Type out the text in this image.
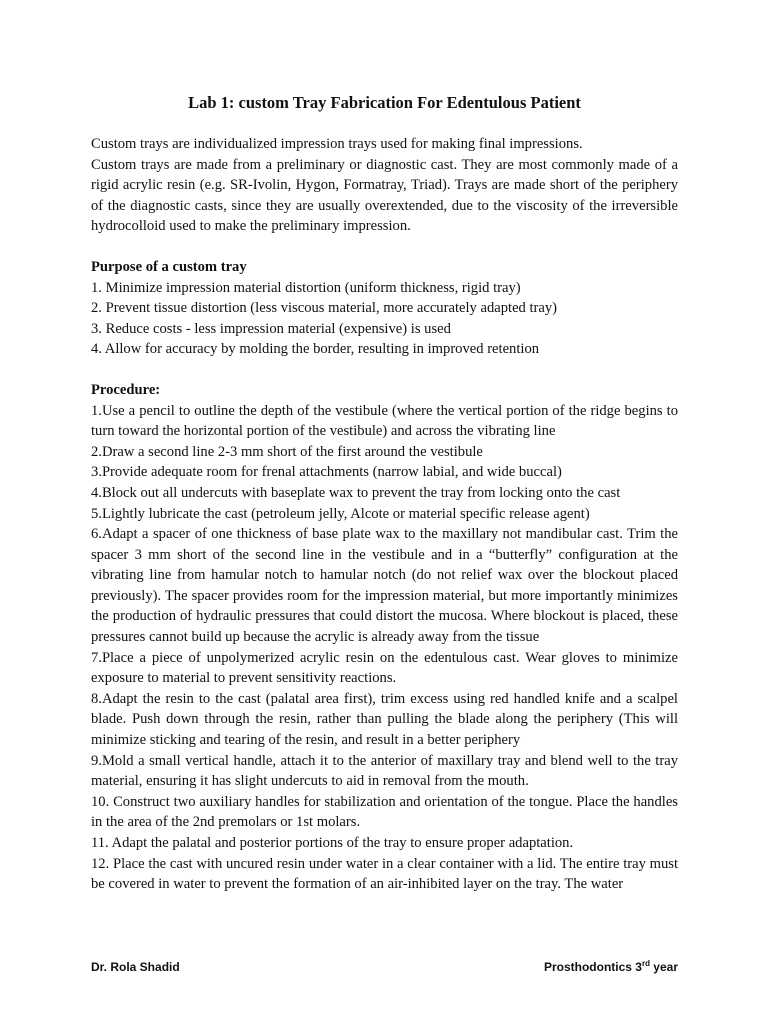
Lab 1: custom Tray Fabrication For Edentulous Patient

Custom trays are individualized impression trays used for making final impressions.

Custom trays are made from a preliminary or diagnostic cast. They are most commonly made of a rigid acrylic resin (e.g. SR-Ivolin, Hygon, Formatray, Triad). Trays are made short of the periphery of the diagnostic casts, since they are usually overextended, due to the viscosity of the irreversible hydrocolloid used to make the preliminary impression.

Purpose of a custom tray

1. Minimize impression material distortion (uniform thickness, rigid tray)

2. Prevent tissue distortion (less viscous material, more accurately adapted tray)

3. Reduce costs - less impression material (expensive) is used

4. Allow for accuracy by molding the border, resulting in improved retention

Procedure:

1.Use a pencil to outline the depth of the vestibule (where the vertical portion of the ridge begins to turn toward the horizontal portion of the vestibule) and across the vibrating line

2.Draw a second line 2-3 mm short of the first around the vestibule

3.Provide adequate room for frenal attachments (narrow labial, and wide buccal)

4.Block out all undercuts with baseplate wax to prevent the tray from locking onto the cast

5.Lightly lubricate the cast (petroleum jelly, Alcote or material specific release agent)

6.Adapt a spacer of one thickness of base plate wax to the maxillary not mandibular cast. Trim the spacer 3 mm short of the second line in the vestibule and in a “butterfly” configuration at the vibrating line from hamular notch to hamular notch (do not relief wax over the blockout placed previously). The spacer provides room for the impression material, but more importantly minimizes the production of hydraulic pressures that could distort the mucosa. Where blockout is placed, these pressures cannot build up because the acrylic is already away from the tissue

7.Place a piece of unpolymerized acrylic resin on the edentulous cast. Wear gloves to minimize exposure to material to prevent sensitivity reactions.

8.Adapt the resin to the cast (palatal area first), trim excess using red handled knife and a scalpel blade. Push down through the resin, rather than pulling the blade along the periphery (This will minimize sticking and tearing of the resin, and result in a better periphery

9.Mold a small vertical handle, attach it to the anterior of maxillary tray and blend well to the tray material, ensuring it has slight undercuts to aid in removal from the mouth.

10. Construct two auxiliary handles for stabilization and orientation of the tongue. Place the handles in the area of the 2nd premolars or 1st molars.

11. Adapt the palatal and posterior portions of the tray to ensure proper adaptation.

12. Place the cast with uncured resin under water in a clear container with a lid. The entire tray must be covered in water to prevent the formation of an air-inhibited layer on the tray. The water

Dr. Rola Shadid	Prosthodontics 3rd year
